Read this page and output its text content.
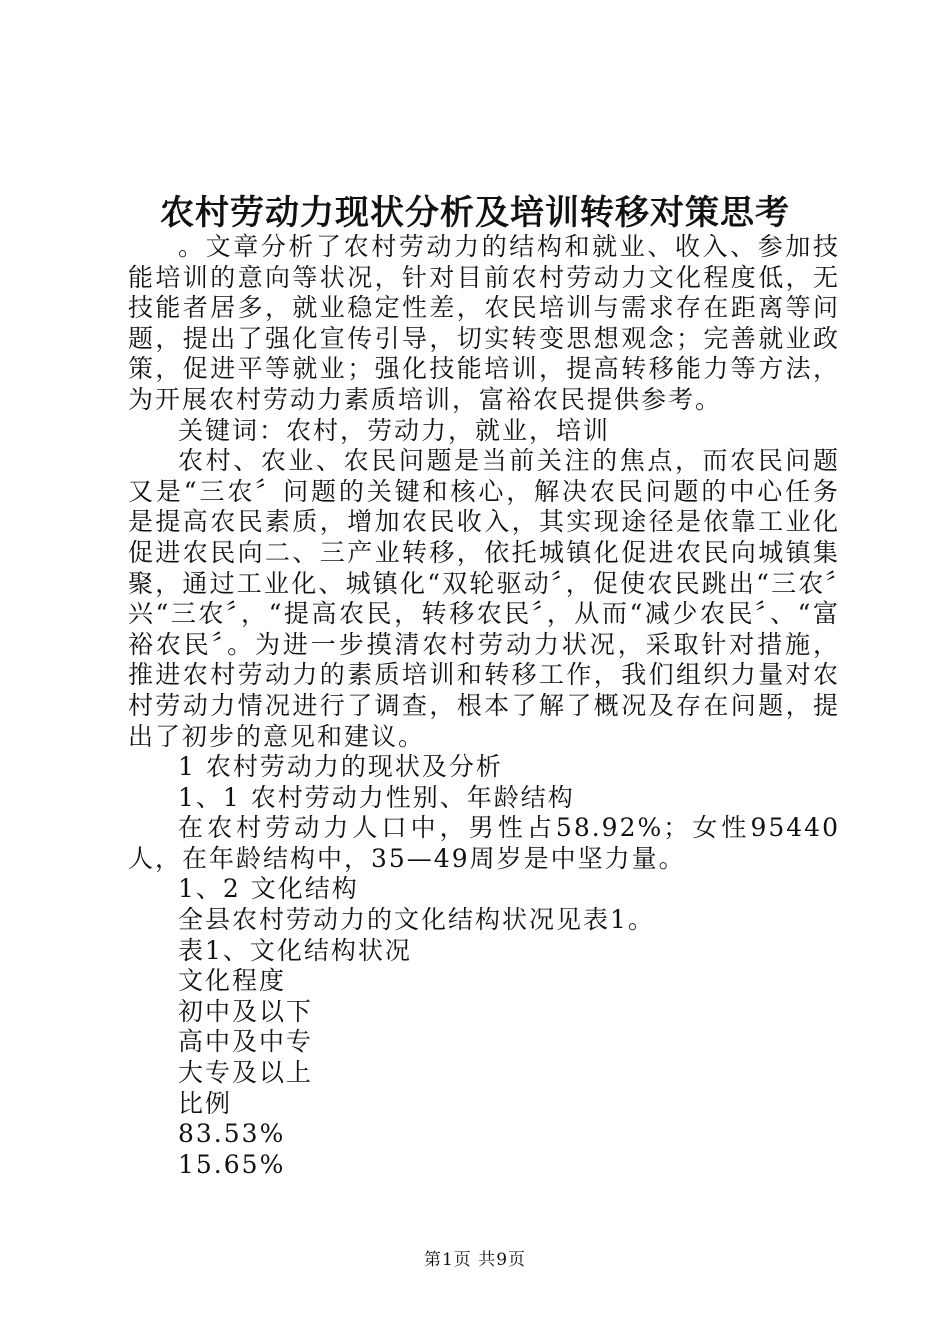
农村劳动力现状分析及培训转移对策思考

。文章分析了农村劳动力的结构和就业、收入、参加技能培训的意向等状况，针对目前农村劳动力文化程度低，无技能者居多，就业稳定性差，农民培训与需求存在距离等问题，提出了强化宣传引导，切实转变思想观念；完善就业政策，促进平等就业；强化技能培训，提高转移能力等方法，为开展农村劳动力素质培训，富裕农民提供参考。

关键词：农村，劳动力，就业，培训

农村、农业、农民问题是当前关注的焦点，而农民问题又是“三农〞问题的关键和核心，解决农民问题的中心任务是提高农民素质，增加农民收入，其实现途径是依靠工业化促进农民向二、三产业转移，依托城镇化促进农民向城镇集聚，通过工业化、城镇化“双轮驱动〞，促使农民跳出“三农〞兴“三农〞，“提高农民，转移农民〞，从而“减少农民〞、“富裕农民〞。为进一步摸清农村劳动力状况，采取针对措施，推进农村劳动力的素质培训和转移工作，我们组织力量对农村劳动力情况进行了调查，根本了解了概况及存在问题，提出了初步的意见和建议。

1 农村劳动力的现状及分析
1、1 农村劳动力性别、年龄结构

在农村劳动力人口中，男性占58.92%；女性95440人，在年龄结构中，35—49周岁是中坚力量。

1、2 文化结构
全县农村劳动力的文化结构状况见表1。
表1、文化结构状况
文化程度
初中及以下
高中及中专
大专及以上
比例
83.53%
15.65%
第1页 共9页
